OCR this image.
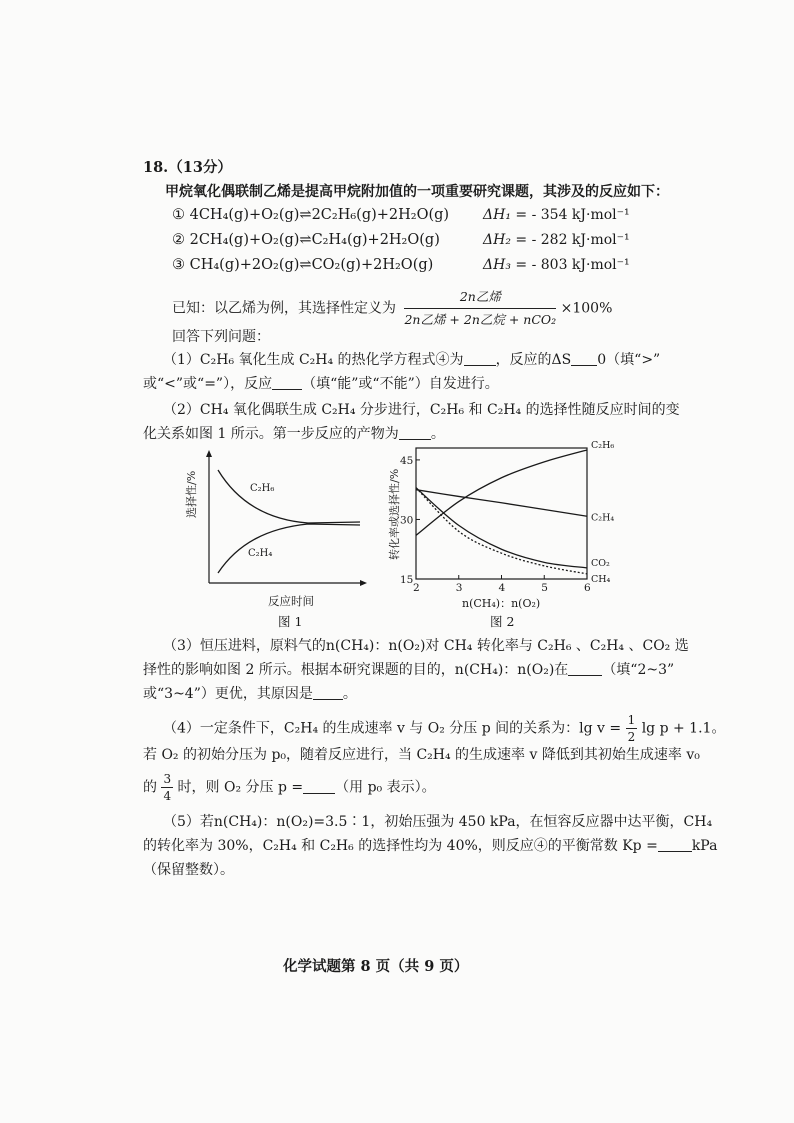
18.（13分）
甲烷氧化偶联制乙烯是提高甲烷附加值的一项重要研究课题，其涉及的反应如下：
① 4CH₄(g)+O₂(g)⇌2C₂H₆(g)+2H₂O(g) ΔH₁ = - 354 kJ·mol⁻¹
② 2CH₄(g)+O₂(g)⇌C₂H₄(g)+2H₂O(g)	ΔH₂ = - 282 kJ·mol⁻¹
③ CH₄(g)+2O₂(g)⇌CO₂(g)+2H₂O(g)	ΔH₃ = - 803 kJ·mol⁻¹
已知：以乙烯为例，其选择性定义为 $\frac{\text{2n乙烯}}{\text{2n乙烯 + 2n乙烷 + nCO₂}} \times 100\%$
回答下列问题：
（1）C₂H₆ 氧化生成 C₂H₄ 的热化学方程式④为 ，反应的ΔS 0（填“>”
或“<”或“=”），反应 （填“能”或“不能”）自发进行。
（2）CH₄ 氧化偶联生成 C₂H₄ 分步进行，C₂H₆ 和 C₂H₄ 的选择性随反应时间的变
化关系如图 1 所示。第一步反应的产物为 。
选择性/%	C₂H₆
C₂H₄
反应时间
图 1
转化率或选择性/%
2	3	4	5	6
15
30
45
C₂H₆
C₂H₄
CO₂
CH₄
n(CH₄)：n(O₂)
图 2
（3）恒压进料，原料气的n(CH₄)：n(O₂)对 CH₄ 转化率与 C₂H₆ 、C₂H₄ 、CO₂ 选
择性的影响如图 2 所示。根据本研究课题的目的，n(CH₄)：n(O₂)在 （填“2~3”
或“3~4”）更优，其原因是 。
（4）一定条件下，C₂H₄ 的生成速率 v 与 O₂ 分压 p 间的关系为：$\lg v = \frac{1}{2}$ lg p + 1.1。
若 O₂ 的初始分压为 p₀，随着反应进行，当 C₂H₄ 的生成速率 v 降低到其初始生成速率 v₀
的 $\frac{3}{4}$ 时，则 O₂ 分压 p = （用 p₀ 表示）。
（5）若n(CH₄)：n(O₂)=3.5∶1，初始压强为 450 kPa，在恒容反应器中达平衡，CH₄
的转化率为 30%，C₂H₄ 和 C₂H₆ 的选择性均为 40%，则反应④的平衡常数 Kp = kPa
（保留整数）。
化学试题第 8 页（共 9 页）
